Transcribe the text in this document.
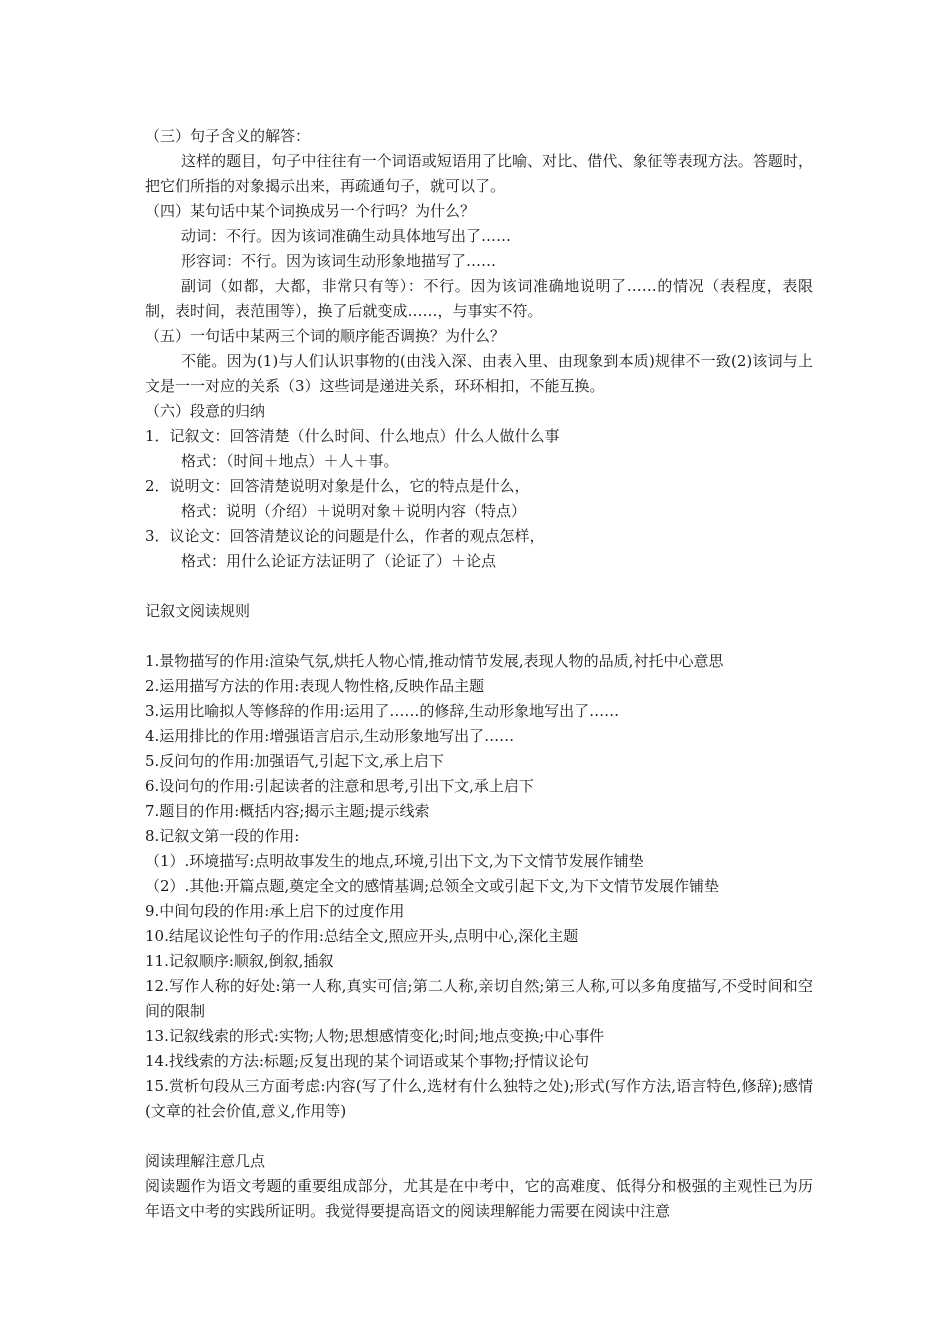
（三）句子含义的解答：
这样的题目，句子中往往有一个词语或短语用了比喻、对比、借代、象征等表现方法。答题时，把它们所指的对象揭示出来，再疏通句子，就可以了。
（四）某句话中某个词换成另一个行吗？为什么？
动词：不行。因为该词准确生动具体地写出了……
形容词：不行。因为该词生动形象地描写了……
副词（如都，大都，非常只有等）：不行。因为该词准确地说明了……的情况（表程度，表限制，表时间，表范围等），换了后就变成……，与事实不符。
（五）一句话中某两三个词的顺序能否调换？为什么？
不能。因为(1)与人们认识事物的(由浅入深、由表入里、由现象到本质)规律不一致(2)该词与上文是一一对应的关系（3）这些词是递进关系，环环相扣，不能互换。
（六）段意的归纳
1．记叙文：回答清楚（什么时间、什么地点）什么人做什么事
格式：（时间＋地点）＋人＋事。
2．说明文：回答清楚说明对象是什么，它的特点是什么，
格式：说明（介绍）＋说明对象＋说明内容（特点）
3．议论文：回答清楚议论的问题是什么，作者的观点怎样，
格式：用什么论证方法证明了（论证了）＋论点
记叙文阅读规则
1.景物描写的作用:渲染气氛,烘托人物心情,推动情节发展,表现人物的品质,衬托中心意思
2.运用描写方法的作用:表现人物性格,反映作品主题
3.运用比喻拟人等修辞的作用:运用了……的修辞,生动形象地写出了……
4.运用排比的作用:增强语言启示,生动形象地写出了……
5.反问句的作用:加强语气,引起下文,承上启下
6.设问句的作用:引起读者的注意和思考,引出下文,承上启下
7.题目的作用:概括内容;揭示主题;提示线索
8.记叙文第一段的作用:
（1）.环境描写:点明故事发生的地点,环境,引出下文,为下文情节发展作铺垫
（2）.其他:开篇点题,奠定全文的感情基调;总领全文或引起下文,为下文情节发展作铺垫
9.中间句段的作用:承上启下的过度作用
10.结尾议论性句子的作用:总结全文,照应开头,点明中心,深化主题
11.记叙顺序:顺叙,倒叙,插叙
12.写作人称的好处:第一人称,真实可信;第二人称,亲切自然;第三人称,可以多角度描写,不受时间和空间的限制
13.记叙线索的形式:实物;人物;思想感情变化;时间;地点变换;中心事件
14.找线索的方法:标题;反复出现的某个词语或某个事物;抒情议论句
15.赏析句段从三方面考虑:内容(写了什么,选材有什么独特之处);形式(写作方法,语言特色,修辞);感情(文章的社会价值,意义,作用等)
阅读理解注意几点
阅读题作为语文考题的重要组成部分，尤其是在中考中，它的高难度、低得分和极强的主观性已为历年语文中考的实践所证明。我觉得要提高语文的阅读理解能力需要在阅读中注意
